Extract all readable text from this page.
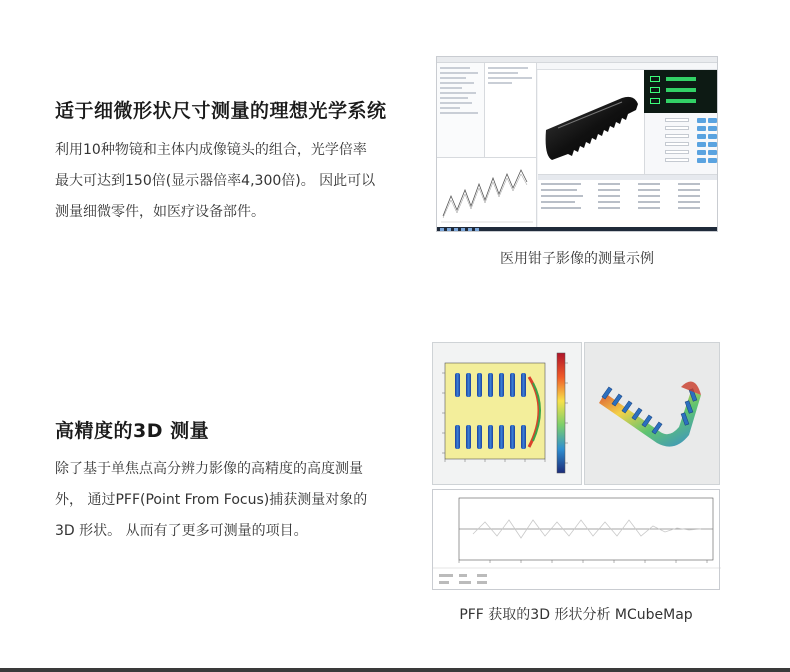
适于细微形状尺寸测量的理想光学系统

利用10种物镜和主体内成像镜头的组合，光学倍率

最大可达到150倍(显示器倍率4,300倍)。 因此可以

测量细微零件，如医疗设备部件。

医用钳子影像的测量示例
高精度的3D 测量

除了基于单焦点高分辨力影像的高精度的高度测量

外， 通过PFF(Point From Focus)捕获测量对象的

3D 形状。 从而有了更多可测量的项目。

PFF 获取的3D 形状分析 MCubeMap
